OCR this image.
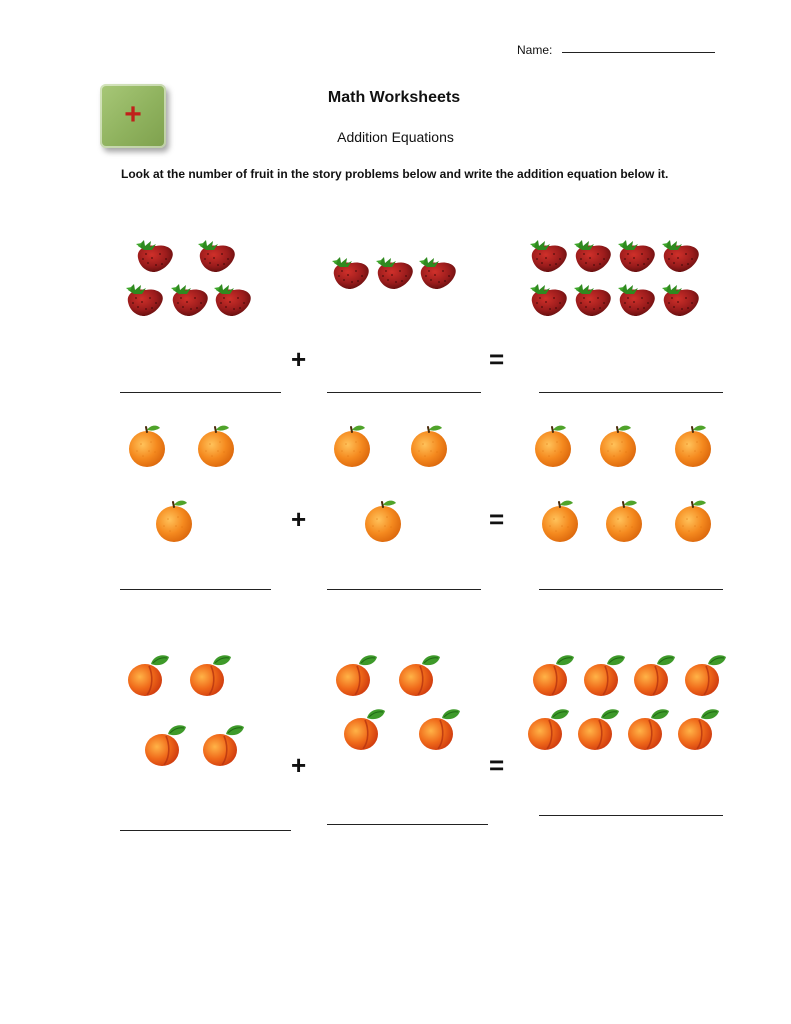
Name:
+
Math Worksheets
Addition Equations
Look at the number of fruit in the story problems below and write the addition equation below it.
+	=
+	=
+	=
